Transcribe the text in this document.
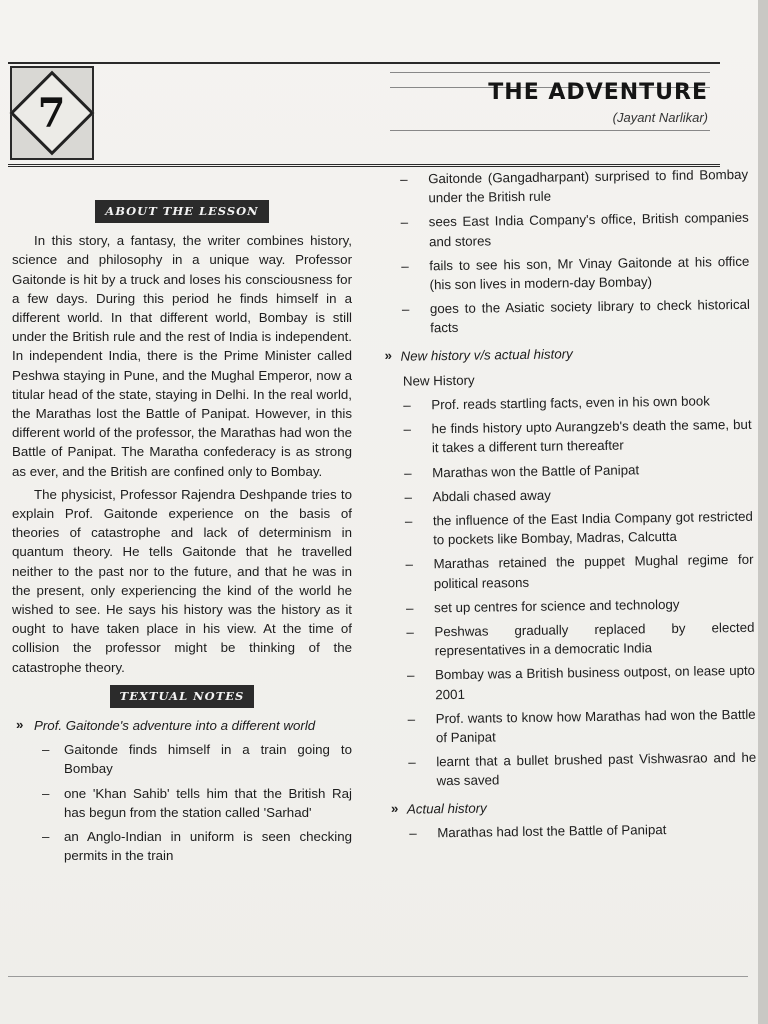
7	THE ADVENTURE
(Jayant Narlikar)
ABOUT THE LESSON

In this story, a fantasy, the writer combines history, science and philosophy in a unique way. Professor Gaitonde is hit by a truck and loses his consciousness for a few days. During this period he finds himself in a different world. In that different world, Bombay is still under the British rule and the rest of India is independent. In independent India, there is the Prime Minister called Peshwa staying in Pune, and the Mughal Emperor, now a titular head of the state, staying in Delhi. In the real world, the Marathas lost the Battle of Panipat. However, in this different world of the professor, the Marathas had won the Battle of Panipat. The Maratha confederacy is as strong as ever, and the British are confined only to Bombay.

The physicist, Professor Rajendra Deshpande tries to explain Prof. Gaitonde experience on the basis of theories of catastrophe and lack of determinism in quantum theory. He tells Gaitonde that he travelled neither to the past nor to the future, and that he was in the present, only experiencing the kind of the world he wished to see. He says his history was the history as it ought to have taken place in his view. At the time of collision the professor might be thinking of the catastrophe theory.

TEXTUAL NOTES
» Prof. Gaitonde's adventure into a different world
– Gaitonde finds himself in a train going to Bombay
– one 'Khan Sahib' tells him that the British Raj has begun from the station called 'Sarhad'
– an Anglo-Indian in uniform is seen checking permits in the train
– Gaitonde (Gangadharpant) surprised to find Bombay under the British rule
– sees East India Company's office, British companies and stores
– fails to see his son, Mr Vinay Gaitonde at his office (his son lives in modern-day Bombay)
– goes to the Asiatic society library to check historical facts
» New history v/s actual history
New History
– Prof. reads startling facts, even in his own book
– he finds history upto Aurangzeb's death the same, but it takes a different turn thereafter
– Marathas won the Battle of Panipat
– Abdali chased away
– the influence of the East India Company got restricted to pockets like Bombay, Madras, Calcutta
– Marathas retained the puppet Mughal regime for political reasons
– set up centres for science and technology
– Peshwas gradually replaced by elected representatives in a democratic India
– Bombay was a British business outpost, on lease upto 2001
– Prof. wants to know how Marathas had won the Battle of Panipat
– learnt that a bullet brushed past Vishwasrao and he was saved
» Actual history
– Marathas had lost the Battle of Panipat
